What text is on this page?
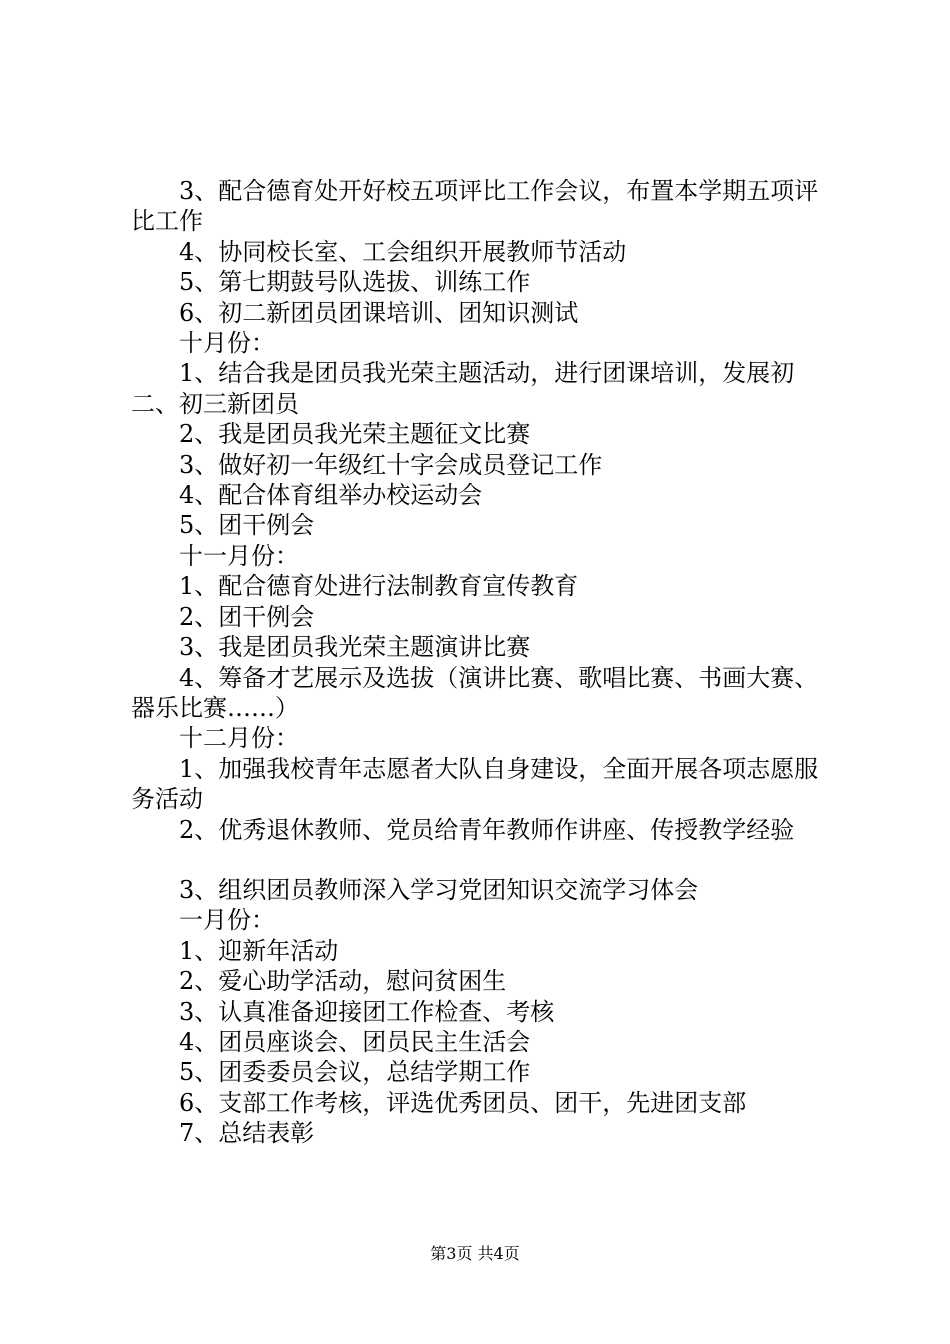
3、配合德育处开好校五项评比工作会议，布置本学期五项评比工作

4、协同校长室、工会组织开展教师节活动

5、第七期鼓号队选拔、训练工作

6、初二新团员团课培训、团知识测试

十月份：

1、结合我是团员我光荣主题活动，进行团课培训，发展初二、初三新团员

2、我是团员我光荣主题征文比赛

3、做好初一年级红十字会成员登记工作

4、配合体育组举办校运动会

5、团干例会

十一月份：

1、配合德育处进行法制教育宣传教育

2、团干例会

3、我是团员我光荣主题演讲比赛

4、筹备才艺展示及选拔（演讲比赛、歌唱比赛、书画大赛、器乐比赛……）

十二月份：

1、加强我校青年志愿者大队自身建设，全面开展各项志愿服务活动

2、优秀退休教师、党员给青年教师作讲座、传授教学经验

3、组织团员教师深入学习党团知识交流学习体会

一月份：

1、迎新年活动

2、爱心助学活动，慰问贫困生

3、认真准备迎接团工作检查、考核

4、团员座谈会、团员民主生活会

5、团委委员会议，总结学期工作

6、支部工作考核，评选优秀团员、团干，先进团支部

7、总结表彰

第3页 共4页
